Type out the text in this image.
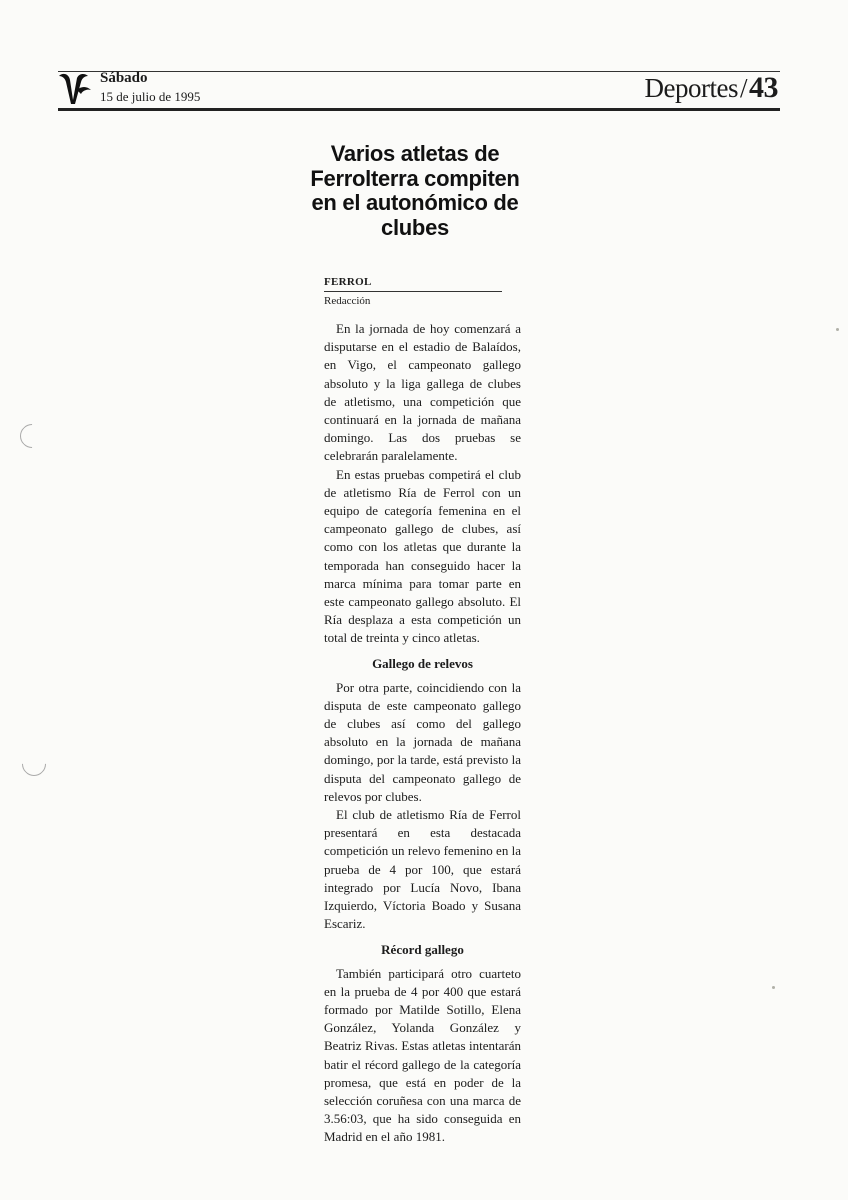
Sábado
15 de julio de 1995	Deportes/43
Varios atletas de Ferrolterra compiten en el autonómico de clubes
FERROL
Redacción

En la jornada de hoy comenzará a disputarse en el estadio de Balaídos, en Vigo, el campeonato gallego absoluto y la liga gallega de clubes de atletismo, una competición que continuará en la jornada de mañana domingo. Las dos pruebas se celebrarán paralelamente.

En estas pruebas competirá el club de atletismo Ría de Ferrol con un equipo de categoría femenina en el campeonato gallego de clubes, así como con los atletas que durante la temporada han conseguido hacer la marca mínima para tomar parte en este campeonato gallego absoluto. El Ría desplaza a esta competición un total de treinta y cinco atletas.

Gallego de relevos

Por otra parte, coincidiendo con la disputa de este campeonato gallego de clubes así como del gallego absoluto en la jornada de mañana domingo, por la tarde, está previsto la disputa del campeonato gallego de relevos por clubes.

El club de atletismo Ría de Ferrol presentará en esta destacada competición un relevo femenino en la prueba de 4 por 100, que estará integrado por Lucía Novo, Ibana Izquierdo, Víctoria Boado y Susana Escariz.

Récord gallego

También participará otro cuarteto en la prueba de 4 por 400 que estará formado por Matilde Sotillo, Elena González, Yolanda González y Beatriz Rivas. Estas atletas intentarán batir el récord gallego de la categoría promesa, que está en poder de la selección coruñesa con una marca de 3.56:03, que ha sido conseguida en Madrid en el año 1981.
